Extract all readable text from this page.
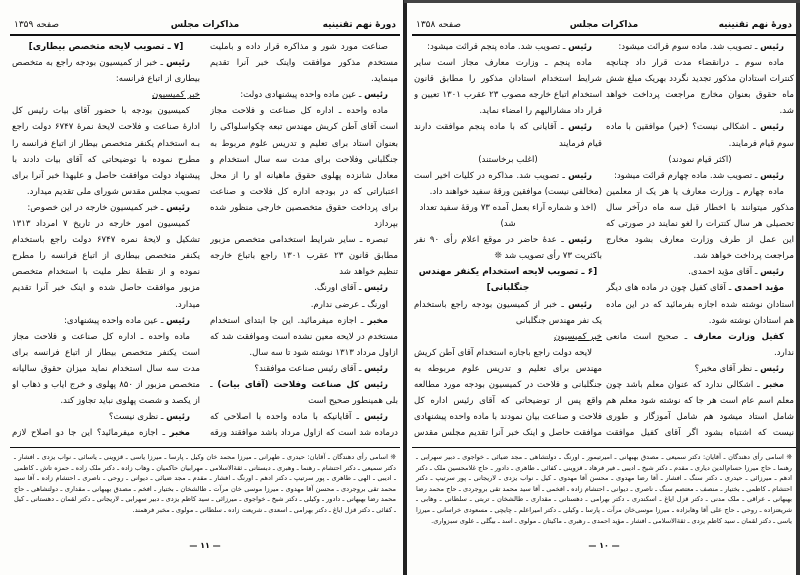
دورهٔ نهم تقنینیه
مذاکرات مجلس
صفحه ۱۳۵۹

صناعت مورد شور و مذاکره قرار داده و باملیت مستخدم مذکور موافقت واینک خبر آنرا تقدیم مینماید.

رئیس ـ عین ماده واحده پیشنهادی دولت:

ماده واحده ـ اداره کل صناعت و فلاحت مجاز است آقای آطن کریش مهندس تبعه چکواسلواکی را بعنوان استاد برای تعلیم و تدریس علوم مربوط به جنگلبانی وفلاحت برای مدت سه سال استخدام و معادل شانزده پهلوی حقوق ماهیانه او را از محل اعتباراتی که در بودجه اداره کل فلاحت و صناعت برای پرداخت حقوق متخصصین خارجی منظور شده بپردازد

تبصره ـ سایر شرایط استخدامی متخصص مزبور مطابق قانون ۲۳ عقرب ۱۳۰۱ راجع باتباع خارجه تنظیم خواهد شد

رئیس ـ آقای اورنگ.

اورنگ ـ عرضی ندارم.

مخبر ـ اجازه میفرمائید. این جا ابتدای استخدام مستخدم در لایحه معین نشده است وموافقت شد که ازاول مرداد ۱۳۱۳ نوشته شود تا سه سال.

رئیس ـ آقای رئیس صناعت موافقند؟

رئیس کل صناعت وفلاحت (آقای بیات) ـ بلی همینطور صحیح است

رئیس ـ آقایانیکه با ماده واحده با اصلاحی که درماده شد است که ازاول مرداد باشد موافقند ورقه

[۷ ـ تصویب لایحه متخصص بیطاری]

رئیس ـ خبر از کمیسیون بودجه راجع به متخصص بیطاری از اتباع فرانسه:

خبر کمیسیون

کمیسیون بودجه با حضور آقای بیات رئیس کل ادارهٔ صناعت و فلاحت لایحهٔ نمرهٔ ۶۷۴۷ دولت راجع بـه استخدام یکنفر متخصص بیطار از اتباع فرانسه را مطرح نموده با توضیحاتی که آقای بیات دادند با پیشنهاد دولت موافقت حاصل و علیهذا خبر آنرا برای تصویب مجلس مقدس شورای ملی تقدیم میدارد.

رئیس ـ خبر کمیسیون خارجه در این خصوص:

کمیسیون امور خارجه در تاریخ ۷ امرداد ۱۳۱۳ تشکیل و لایحهٔ نمره ۶۷۴۷ دولت راجع باستخدام یکنفر متخصص بیطاری از اتباع فرانسه را مطرح نموده و از نقطهٔ نظر ملیت با استخدام متخصص مزبور موافقت حاصل شده و اینک خبر آنرا تقدیم میدارد.

رئیس ـ عین ماده واحده پیشنهادی:

ماده واحده ـ اداره کل صناعت و فلاحت مجاز است یکنفر متخصص بیطار از اتباع فرانسه برای مدت سه سال استخدام نماید میزان حقوق سالیانه متخصص مزبور از ۸۵۰ پهلوی و خرج ایاب و ذهاب او از یکصد و شصت پهلوی نباید تجاوز کند.

رئیس ـ نظری نیست؟

مخبر ـ اجازه میفرمائید؟ این جا دو اصلاح لازم

❊ اسامی رأی دهندگان ـ آقایان: حیدری ـ طهرانی ـ میرزا محمد خان وکیل ـ پارسا ـ میرزا یاسی ـ قزوینی ـ یاسائی ـ نواب یزدی ـ افشار ـ دکتر سمیعی ـ دکتر احتشام ـ رهنما ـ وهبری ـ دبستانی ـ ثقة‌الاسلامی ـ مهرابیان حاکمیان ـ وهاب زاده ـ دکتر ملک زاده ـ حمزه تاش ـ کاظمی ـ ادیبی ـ الهی ـ طاهری ـ پور سرتیپ ـ دکتر ادهم ـ اورنگ ـ افشار ـ مقدم ـ مجد ضیائی ـ دیوانی ـ روحی ـ ناصری ـ احتشام زاده ـ آقا سید محمد تقی بروجردی ـ محسن آقا مهدوی ـ میرزا موسی خان مرآت ـ طالشخان ـ بختیار ـ افخم ـ مصدق بهبهانی ـ مقداری ـ دولتشاهی ـ حاج محمد رضا بهبهانی ـ دادور ـ وکیلی ـ دکتر شیخ ـ خواجوی ـ میرزائی ـ سید کاظم یزدی ـ دبیر سهرابی ـ لاریجانی ـ دکتر لقمان ـ دهستانی ـ کیل ـ کفائی ـ دکتر قزل ایاغ ـ دکتر بهرامی ـ اسعدی ـ شریعت زاده ـ سلطانی ـ مولوی ـ مخبر فرهمند.
— ۱۱ —
دورهٔ نهم تقنینیه
مذاکرات مجلس
صفحه ۱۳۵۸

رئیس ـ تصویب شد. ماده سوم قرائت میشود:

ماده سوم ـ درانقضاء مدت قرار داد چنانچه کنترات استادان مذکور تجدید نگردد بهریک مبلغ شش ماه حقوق بعنوان مخارج مراجعت پرداخت خواهد شد.

رئیس ـ اشکالی نیست؟ (خیر) موافقین با ماده سوم قیام فرمایند.

(اکثر قیام نمودند)

رئیس ـ تصویب شد. ماده چهارم قرائت میشود:

ماده چهارم ـ وزارت معارف یا هر یک از معلمین مذکور میتوانند با اخطار قبل سه ماه درآخر سال تحصیلی هر سال کنترات را لغو نمایند در صورتی که این عمل از طرف وزارت معارف بشود مخارج مراجعت پرداخت خواهد شد.

رئیس ـ آقای مؤید احمدی.

مؤید احمدی ـ آقای کفیل چون در ماده های دیگر استادان نوشته شده اجازه بفرمائید که در این ماده هم استادان نوشته شود.

کفیل وزارت معارف ـ صحیح است مانعی ندارد.

رئیس ـ نظر آقای مخبر؟

مخبر ـ اشکالی ندارد که عنوان معلم باشد چون معلم اسم عام است هر جا که نوشته شود معلم هم شامل استاد میشود هم شامل آموزگار و طوری نیست که اشتباه بشود اگر آقای کفیل موافقت

رئیس ـ تصویب شد. ماده پنجم قرائت میشود:

ماده پنجم ـ وزارت معارف مجاز است سایر شرایط استخدام استادان مذکور را مطابق قانون استخدام اتباع خارجه مصوب ۲۳ عقرب ۱۳۰۱ تعیین و قرار داد مشارالیهم را امضاء نماید.

رئیس ـ آقایانی که با ماده پنجم موافقت دارند قیام فرمایند

(اغلب برخاستند)

رئیس ـ تصویب شد. مذاکره در کلیات اخیر است (مخالفی نیست) موافقین ورقهٔ سفید خواهند داد.

(اخذ و شماره آراء بعمل آمده ۷۳ ورقهٔ سفید تعداد شد)

رئیس ـ عدهٔ حاضر در موقع اعلام رأی ۹۰ نفر باکثریت ۷۳ رأی تصویب شد ❊

[۶ ـ تصویب لایحه استخدام یکنفر مهندس جنگلبانی]

رئیس ـ خبر از کمیسیون بودجه راجع باستخدام یک نفر مهندس جنگلبانی

خبر کمیسیون

لایحه دولت راجع باجازه استخدام آقای آطن کریش مهندس برای تعلیم و تدریس علوم مربوطه به جنگلبانی و فلاحت در کمیسیون بودجه مورد مطالعه واقع پس از توضیحاتی که آقای رئیس اداره کل فلاحت و صناعت بیان نمودند با ماده واحده پیشنهادی موافقت حاصل و اینک خبر آنرا تقدیم مجلس مقدس

❊ اسامی رأی دهندگان ـ آقایان: دکتر سمیعی ـ مصدق بهبهانی ـ امیرتیمور ـ اورنگ ـ دولتشاهی ـ مجد ضیائی ـ خواجوی ـ دبیر سهرابی ـ رهنما ـ حاج میرزا حسام‌الدین دیاری ـ مقدم ـ دکتر شیخ ـ ادیبی ـ فیر فرهاد ـ قزوینی ـ کفائی ـ طاهری ـ دادور ـ حاج غلامحسین ملک ـ دکتر ادهم ـ میرزائی ـ حیدری ـ دکتر سنگ ـ افشار ـ آقا رضا مهدوی ـ محسن آقا مهدوی ـ کیل ـ نواب یزدی ـ لاریجانی ـ پور سرتیپ ـ دکتر احتشام ـ کاظمی ـ بختیار ـ منصف ـ معتصم سنگ ـ ناصری ـ دیوانی ـ احتشام زاده ـ افخمی ـ آقا سید محمد تقی بروجردی ـ حاج محمد رضا بهبهانی ـ عراقی ـ ملک مدنی ـ دکتر قزل ایاغ ـ اسکندری ـ دکتر بهرامی ـ دهستانی ـ مقداری ـ طالشخان ـ تربتی ـ سلطانی ـ وهابی ـ شریعتزاده ـ روحی ـ حاج علی آقا وهابزاده ـ میرزا موسی‌خان مرآت ـ پارسا ـ وکیلی ـ دکتر امیراعلم ـ چایچی ـ مسعودی خراسانی ـ میرزا یاسی ـ دکتر لقمان ـ سید کاظم یزدی ـ ثقة‌الاسلامی ـ افشار ـ مؤید احمدی ـ رهبری ـ ماکیتان ـ مولوی ـ اسد ـ بیگلی ـ علوی سبزواری.
— ۱۰ —
